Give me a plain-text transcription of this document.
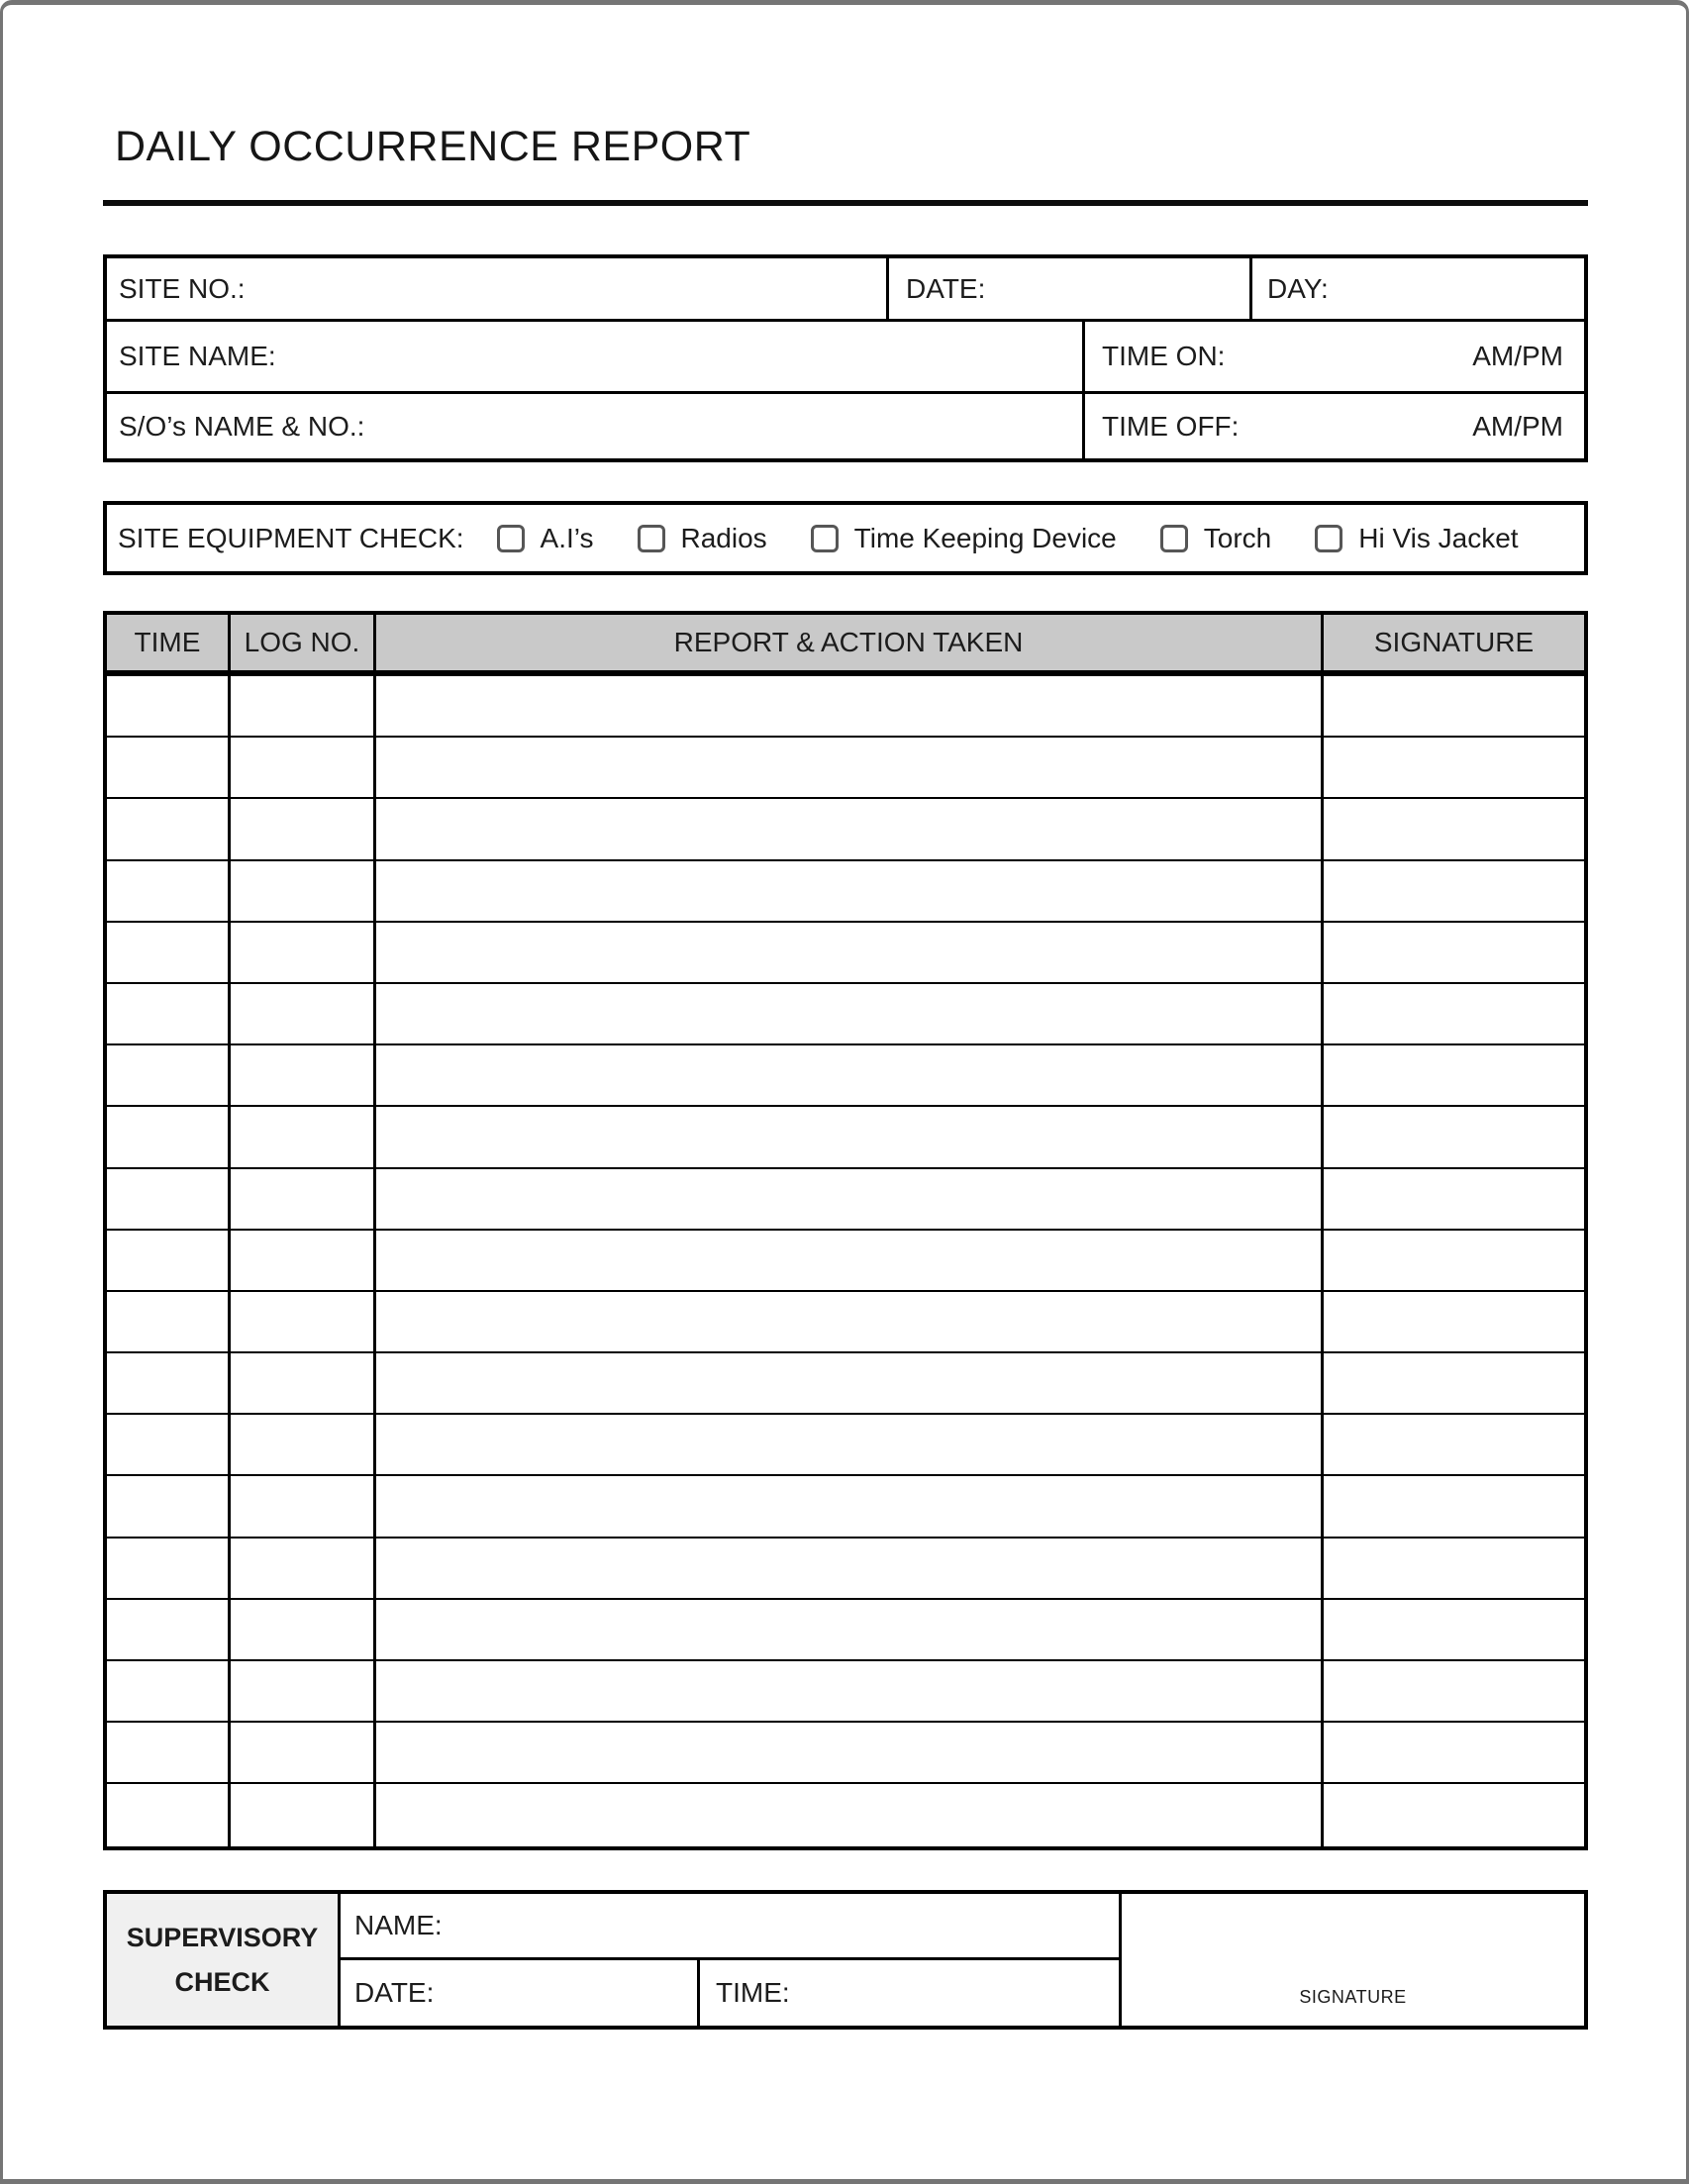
DAILY OCCURRENCE REPORT
SITE NO.:	DATE:	DAY:
SITE NAME:	TIME ON:	AM/PM
S/O’s NAME & NO.:	TIME OFF:	AM/PM
SITE EQUIPMENT CHECK:	A.I’s	Radios	Time Keeping Device	Torch	Hi Vis Jacket
TIME	LOG NO.	REPORT & ACTION TAKEN	SIGNATURE
SUPERVISORY
CHECK
NAME:
DATE:	TIME:	SIGNATURE
